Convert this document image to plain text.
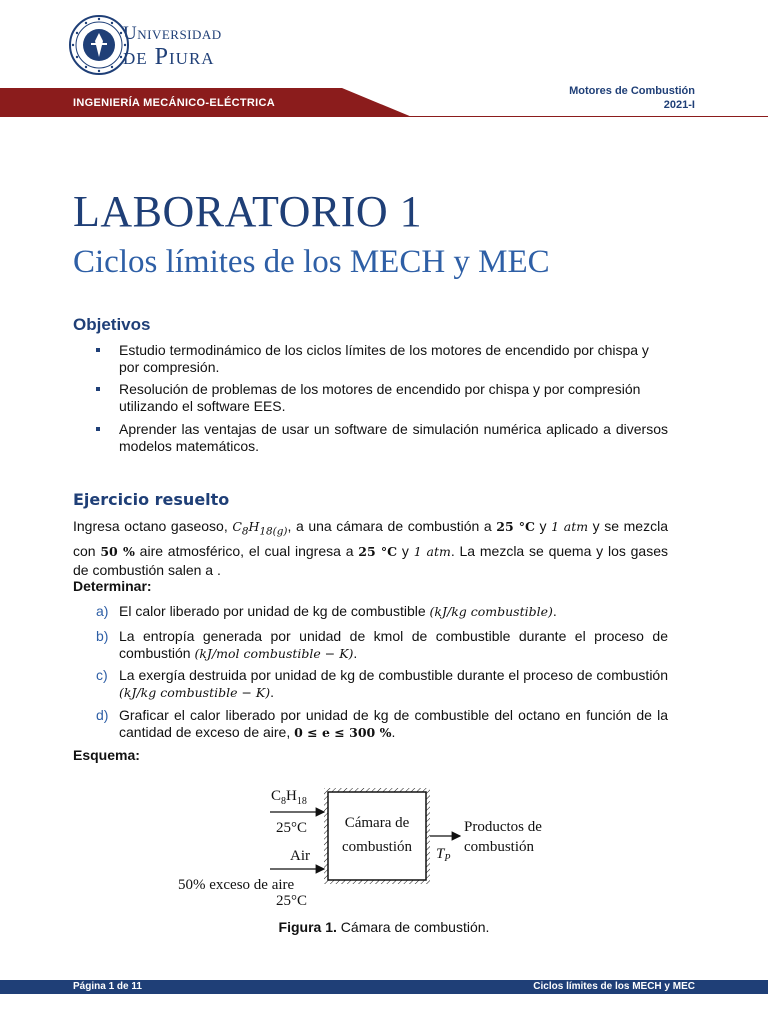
Universidad
de Piura
INGENIERÍA MECÁNICO-ELÉCTRICA
Motores de Combustión
2021-I
LABORATORIO 1
Ciclos límites de los MECH y MEC
Objetivos
Estudio termodinámico de los ciclos límites de los motores de encendido por chispa y por compresión.
Resolución de problemas de los motores de encendido por chispa y por compresión utilizando el software EES.
Aprender las ventajas de usar un software de simulación numérica aplicado a diversos modelos matemáticos.
Ejercicio resuelto
Ingresa octano gaseoso, $C_8H_{18(g)}$, a una cámara de combustión a 25 °C y 1 atm y se mezcla con 50 % aire atmosférico, el cual ingresa a 25 °C y 1 atm. La mezcla se quema y los gases de combustión salen a .
Determinar:
a) El calor liberado por unidad de kg de combustible (kJ/kg combustible).
b) La entropía generada por unidad de kmol de combustible durante el proceso de combustión (kJ/mol combustible − K).
c) La exergía destruida por unidad de kg de combustible durante el proceso de combustión (kJ/kg combustible − K).
d) Graficar el calor liberado por unidad de kg de combustible del octano en función de la cantidad de exceso de aire, 0 ≤ e ≤ 300 %.
Esquema:
Cámara de
combustión
$C_8H_{18}$
25°C
Air
50% exceso de aire
25°C
$T_P$
Productos de
combustión
Figura 1. Cámara de combustión.
Página 1 de 11	Ciclos límites de los MECH y MEC
